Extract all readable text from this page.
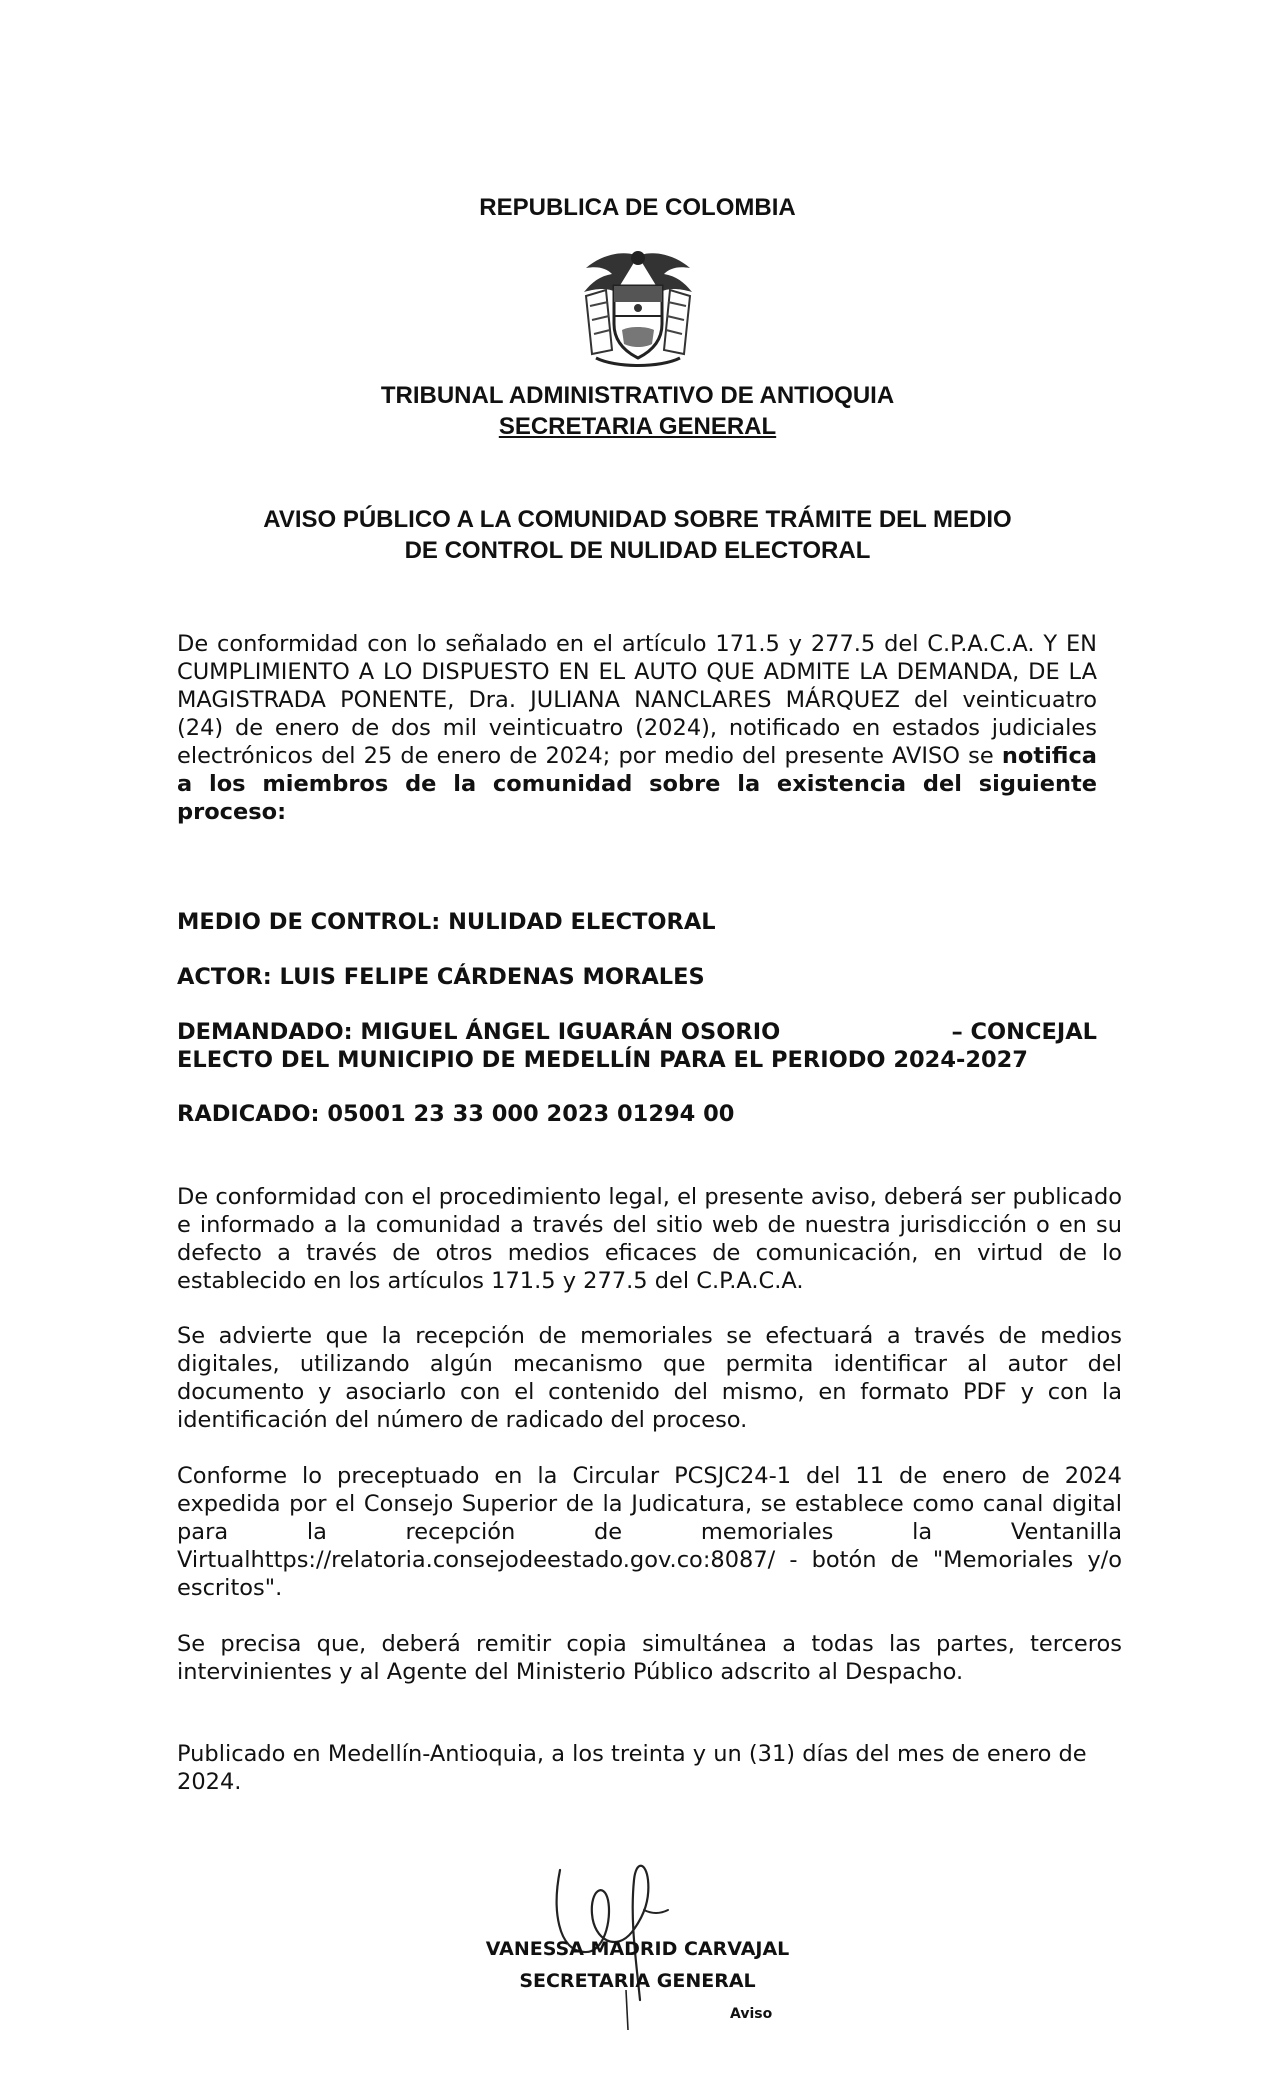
REPUBLICA DE COLOMBIA
TRIBUNAL ADMINISTRATIVO DE ANTIOQUIA
SECRETARIA GENERAL
AVISO PÚBLICO A LA COMUNIDAD SOBRE TRÁMITE DEL MEDIO
DE CONTROL DE NULIDAD ELECTORAL
De conformidad con lo señalado en el artículo 171.5 y 277.5 del C.P.A.C.A. Y EN CUMPLIMIENTO A LO DISPUESTO EN EL AUTO QUE ADMITE LA DEMANDA, DE LA MAGISTRADA PONENTE, Dra. JULIANA NANCLARES MÁRQUEZ del veinticuatro (24) de enero de dos mil veinticuatro (2024), notificado en estados judiciales electrónicos del 25 de enero de 2024; por medio del presente AVISO se notifica a los miembros de la comunidad sobre la existencia del siguiente proceso:
MEDIO DE CONTROL: NULIDAD ELECTORAL
ACTOR: LUIS FELIPE CÁRDENAS MORALES
DEMANDADO: MIGUEL ÁNGEL IGUARÁN OSORIO	– CONCEJAL
ELECTO DEL MUNICIPIO DE MEDELLÍN PARA EL PERIODO 2024-2027
RADICADO: 05001 23 33 000 2023 01294 00
De conformidad con el procedimiento legal, el presente aviso, deberá ser publicado e informado a la comunidad a través del sitio web de nuestra jurisdicción o en su defecto a través de otros medios eficaces de comunicación, en virtud de lo establecido en los artículos 171.5 y 277.5 del C.P.A.C.A.
Se advierte que la recepción de memoriales se efectuará a través de medios digitales, utilizando algún mecanismo que permita identificar al autor del documento y asociarlo con el contenido del mismo, en formato PDF y con la identificación del número de radicado del proceso.
Conforme lo preceptuado en la Circular PCSJC24-1 del 11 de enero de 2024 expedida por el Consejo Superior de la Judicatura, se establece como canal digital para la recepción de memoriales la Ventanilla Virtualhttps://relatoria.consejodeestado.gov.co:8087/ - botón de "Memoriales y/o escritos".
Se precisa que, deberá remitir copia simultánea a todas las partes, terceros intervinientes y al Agente del Ministerio Público adscrito al Despacho.
Publicado en Medellín-Antioquia, a los treinta y un (31) días del mes de enero de 2024.
VANESSA MADRID CARVAJAL
SECRETARIA GENERAL
Aviso
